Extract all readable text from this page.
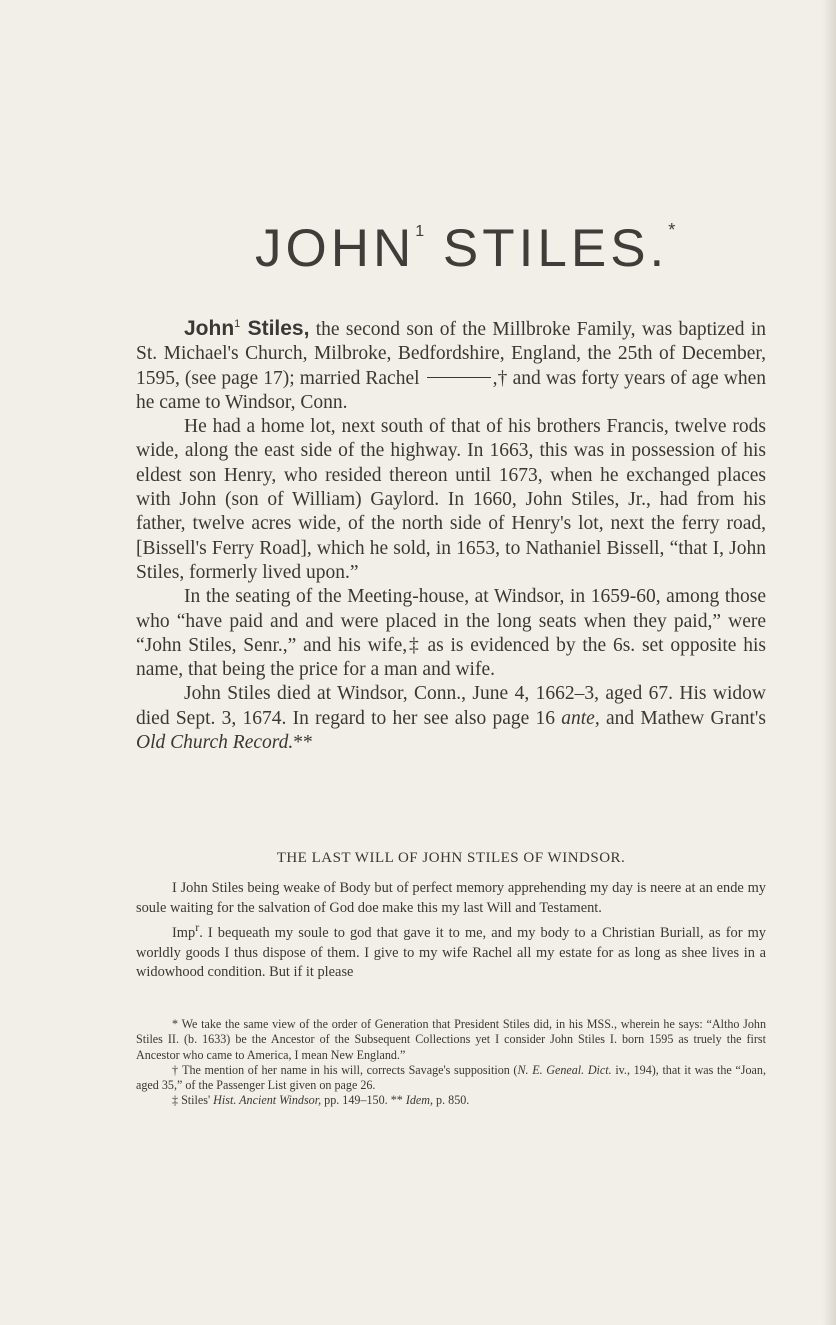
JOHN$^1$ STILES.*

John$^1$ Stiles, the second son of the Millbroke Family, was baptized in St. Michael's Church, Milbroke, Bedfordshire, England, the 25th of December, 1595, (see page 17); married Rachel	,† and was forty years of age when he came to Windsor, Conn.

He had a home lot, next south of that of his brothers Francis, twelve rods wide, along the east side of the highway. In 1663, this was in possession of his eldest son Henry, who resided thereon until 1673, when he exchanged places with John (son of William) Gaylord. In 1660, John Stiles, Jr., had from his father, twelve acres wide, of the north side of Henry's lot, next the ferry road, [Bissell's Ferry Road], which he sold, in 1653, to Nathaniel Bissell, “that I, John Stiles, formerly lived upon.”

In the seating of the Meeting-house, at Windsor, in 1659-60, among those who “have paid and and were placed in the long seats when they paid,” were “John Stiles, Senr.,” and his wife,‡ as is evidenced by the 6s. set opposite his name, that being the price for a man and wife.

John Stiles died at Windsor, Conn., June 4, 1662–3, aged 67. His widow died Sept. 3, 1674. In regard to her see also page 16 ante, and Mathew Grant's Old Church Record.**

THE LAST WILL OF JOHN STILES OF WINDSOR.

I John Stiles being weake of Body but of perfect memory apprehending my day is neere at an ende my soule waiting for the salvation of God doe make this my last Will and Testament.

Imp$^r$. I bequeath my soule to god that gave it to me, and my body to a Christian Buriall, as for my worldly goods I thus dispose of them. I give to my wife Rachel all my estate for as long as shee lives in a widowhood condition. But if it please

* We take the same view of the order of Generation that President Stiles did, in his MSS., wherein he says: “Altho John Stiles II. (b. 1633) be the Ancestor of the Subsequent Collections yet I consider John Stiles I. born 1595 as truely the first Ancestor who came to America, I mean New England.”

† The mention of her name in his will, corrects Savage's supposition (N. E. Geneal. Dict. iv., 194), that it was the “Joan, aged 35,” of the Passenger List given on page 26.

‡ Stiles' Hist. Ancient Windsor, pp. 149–150. ** Idem, p. 850.
